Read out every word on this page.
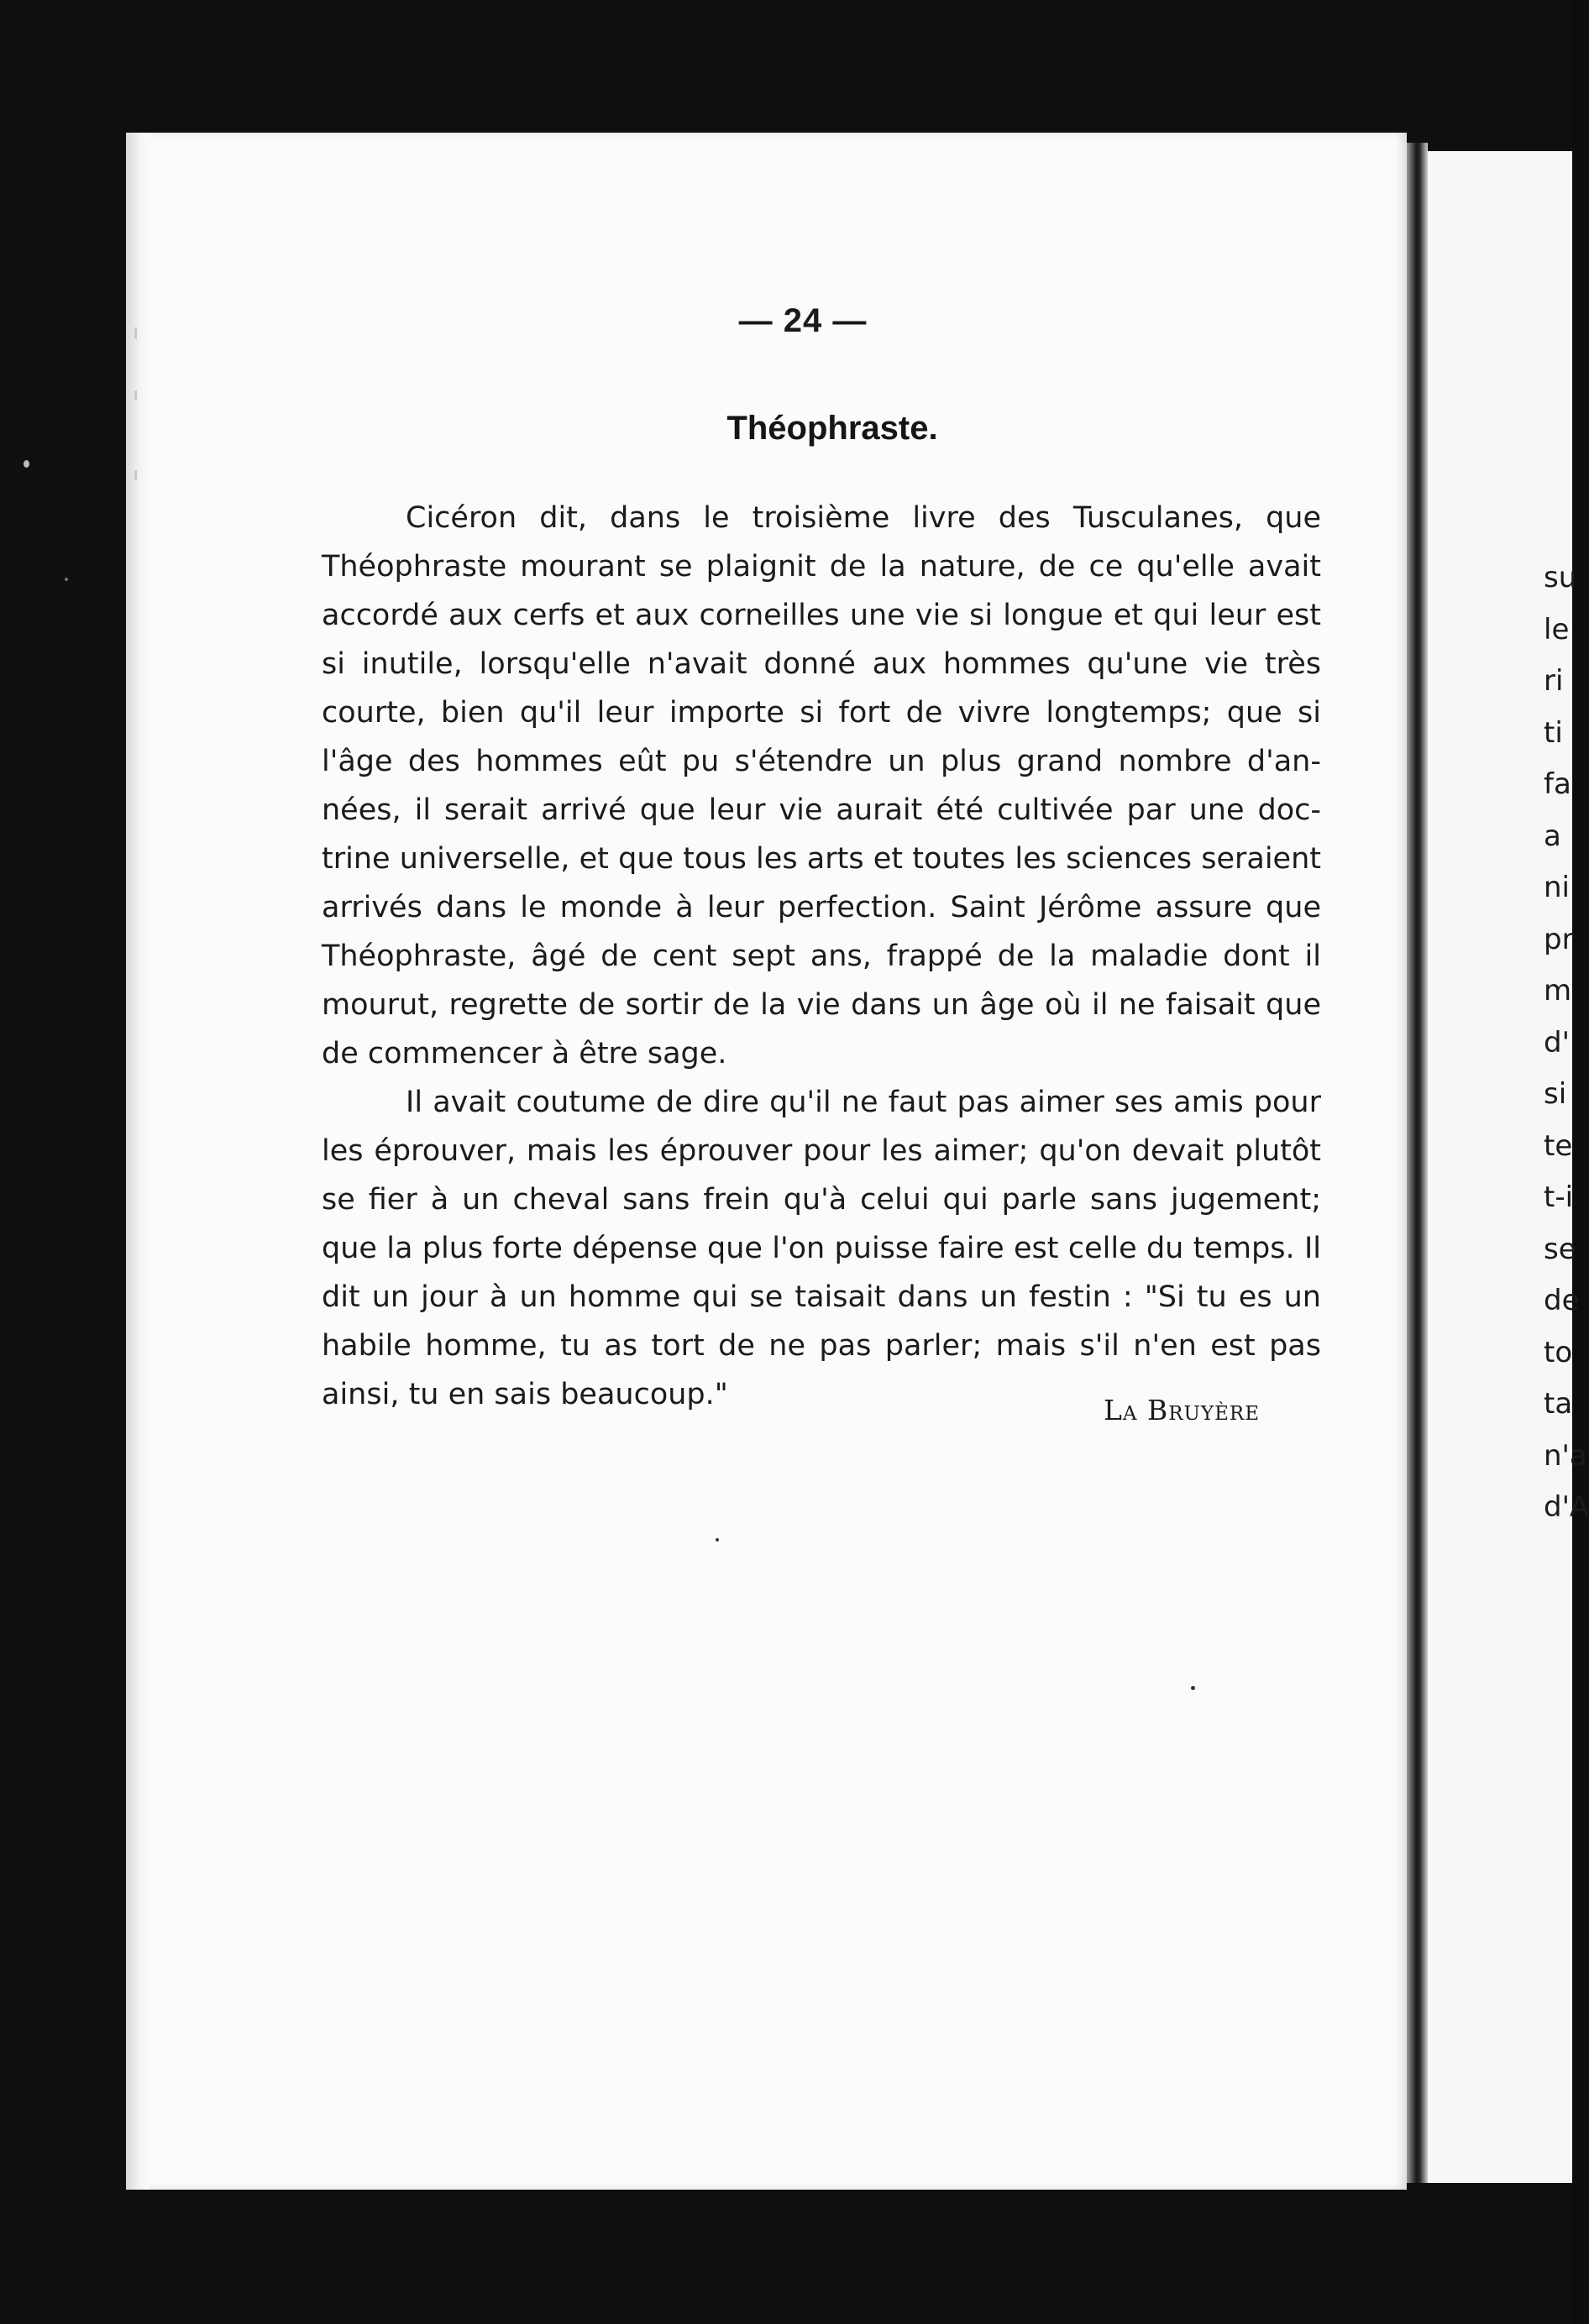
— 24 —
Théophraste.

Cicéron dit, dans le troisième livre des Tusculanes, que Théophraste mourant se plaignit de la nature, de ce qu'elle avait accordé aux cerfs et aux corneilles une vie si longue et qui leur est si inutile, lorsqu'elle n'avait donné aux hommes qu'une vie très courte, bien qu'il leur importe si fort de vivre longtemps; que si l'âge des hommes eût pu s'étendre un plus grand nombre d'années, il serait arrivé que leur vie aurait été cultivée par une doctrine universelle, et que tous les arts et toutes les sciences seraient arrivés dans le monde à leur perfection. Saint Jérôme assure que Théophraste, âgé de cent sept ans, frappé de la maladie dont il mourut, regrette de sortir de la vie dans un âge où il ne faisait que de commencer à être sage.

Il avait coutume de dire qu'il ne faut pas aimer ses amis pour les éprouver, mais les éprouver pour les aimer; qu'on devait plutôt se fier à un cheval sans frein qu'à celui qui parle sans jugement; que la plus forte dépense que l'on puisse faire est celle du temps. Il dit un jour à un homme qui se taisait dans un festin : "Si tu es un habile homme, tu as tort de ne pas parler; mais s'il n'en est pas ainsi, tu en sais beaucoup."	La Bruyère
su
le
ri
ti
fa
a
ni
pr
m
d'
si
te
t-i
se
de
to
ta
n'a
d'A
